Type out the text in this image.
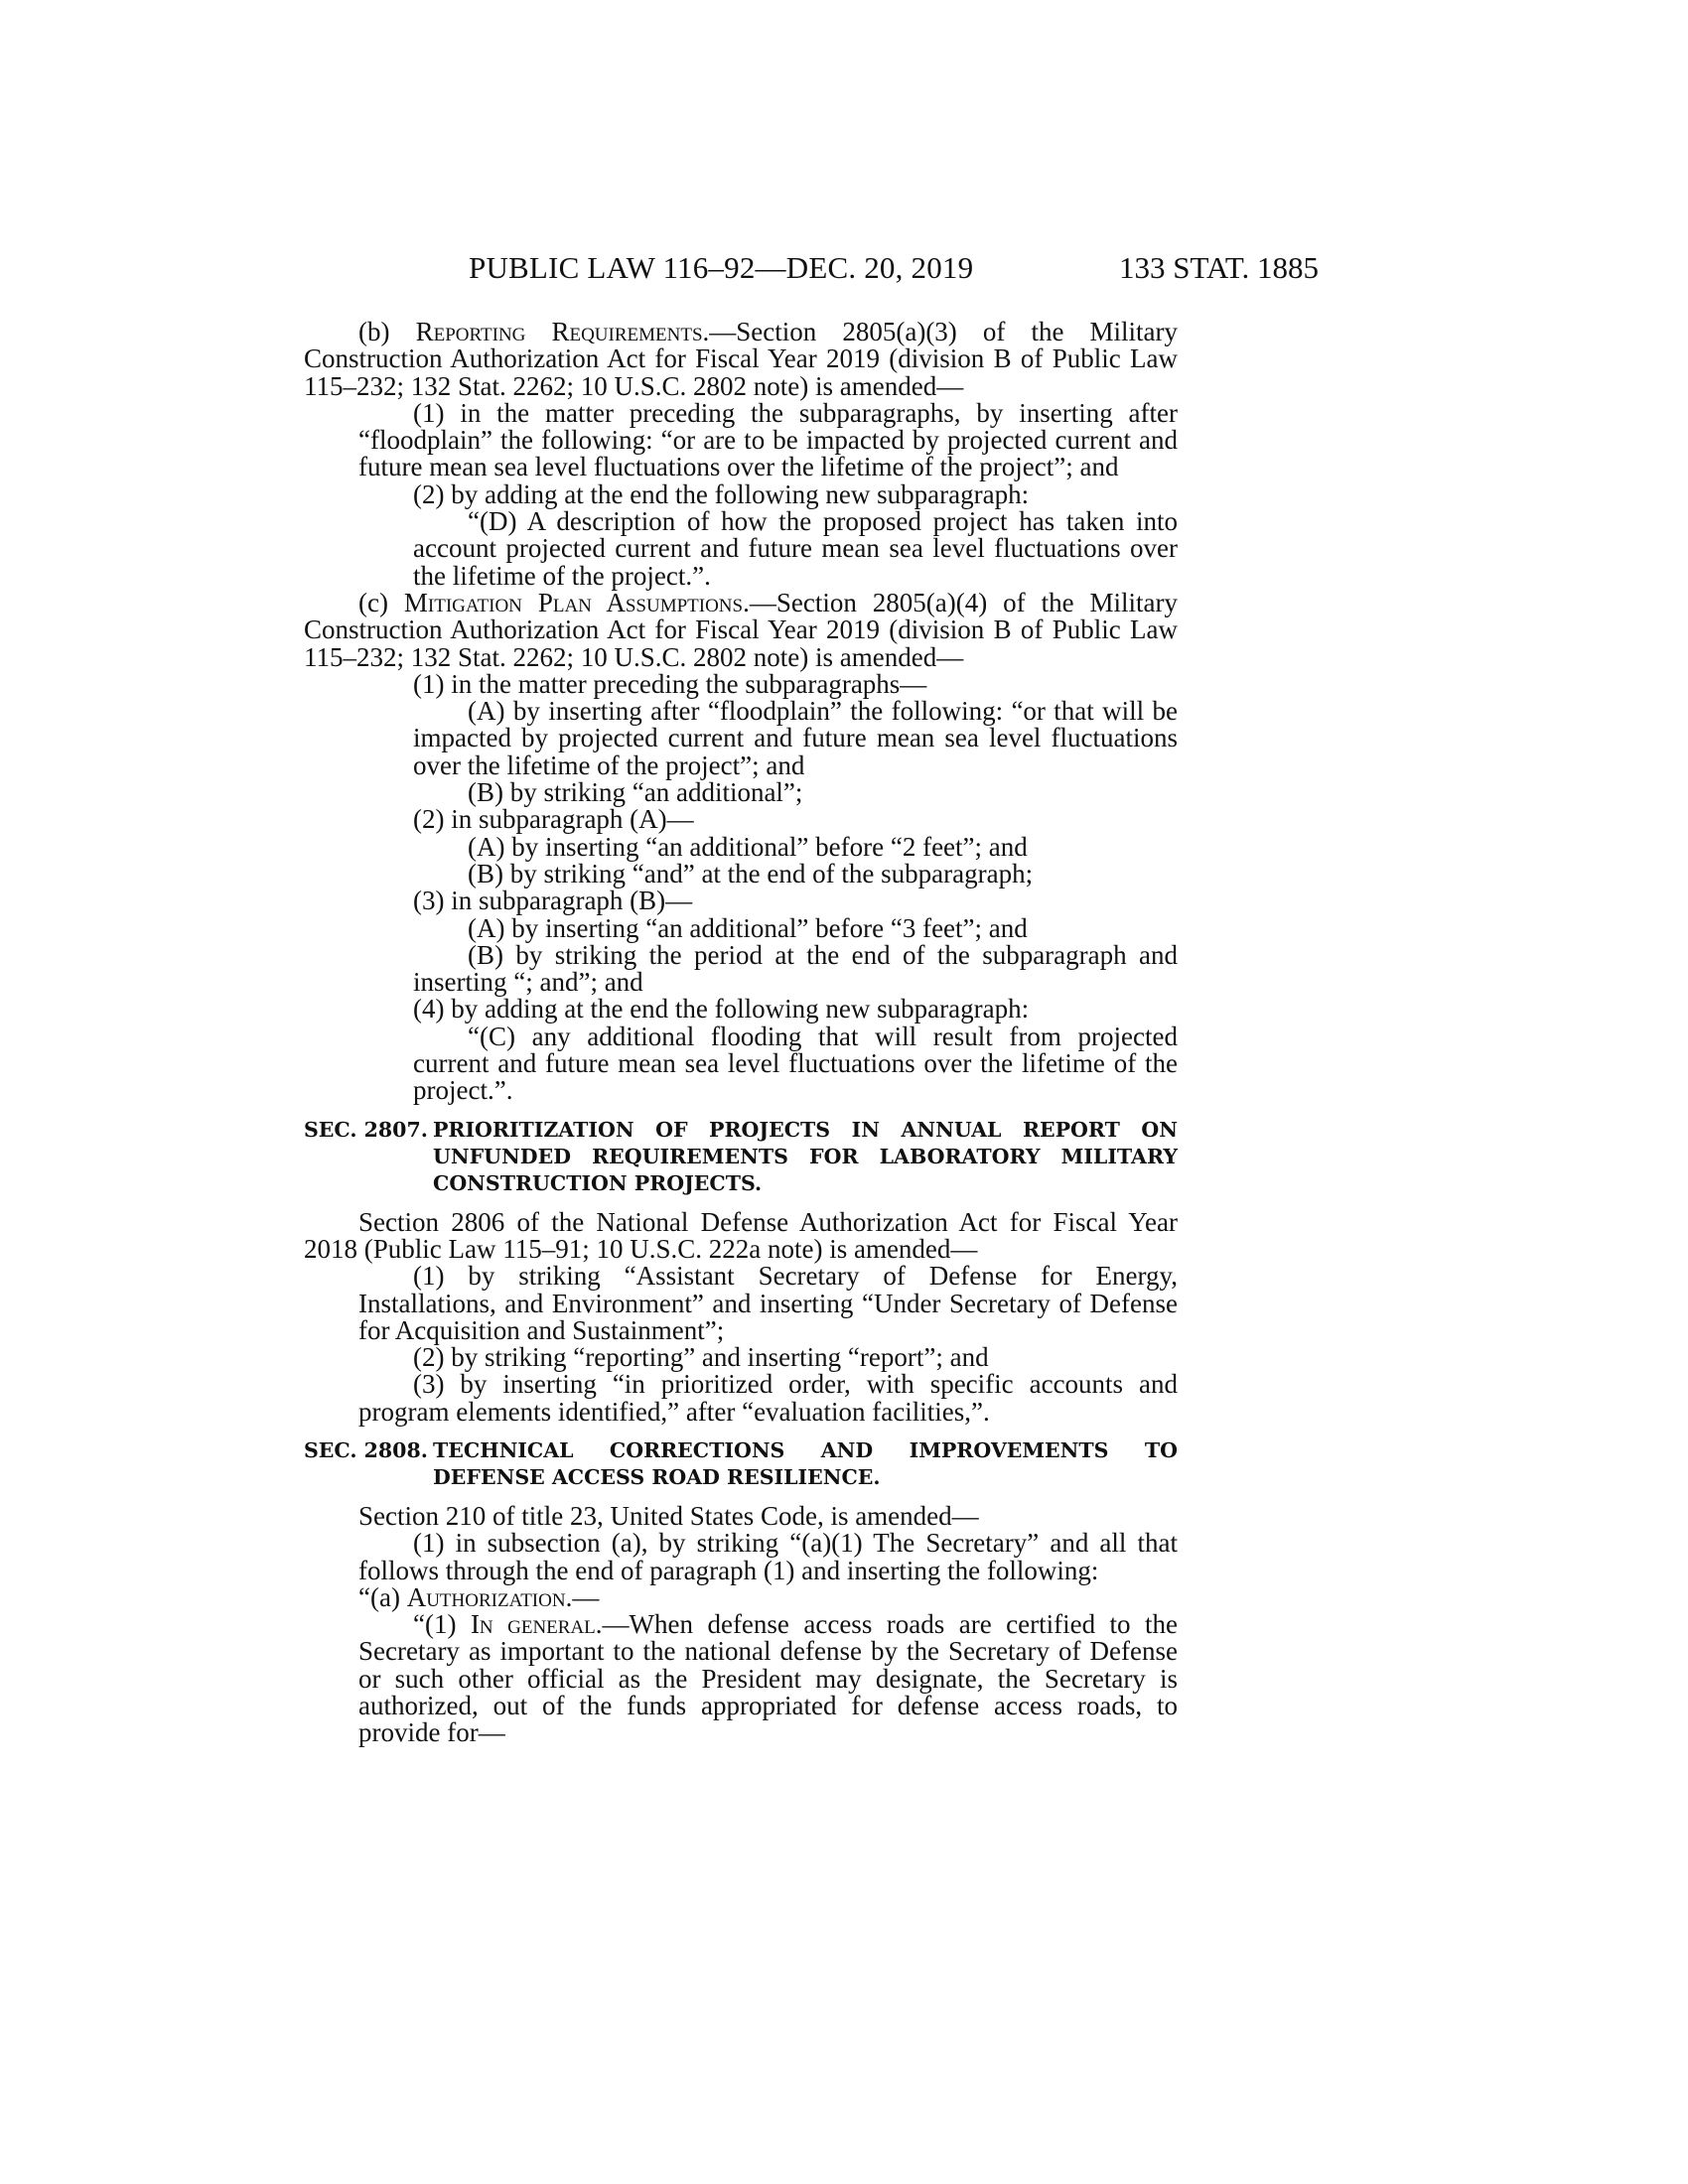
PUBLIC LAW 116–92—DEC. 20, 2019	133 STAT. 1885

(b) Reporting Requirements.—Section 2805(a)(3) of the Military Construction Authorization Act for Fiscal Year 2019 (division B of Public Law 115–232; 132 Stat. 2262; 10 U.S.C. 2802 note) is amended—

(1) in the matter preceding the subparagraphs, by inserting after “floodplain” the following: “or are to be impacted by projected current and future mean sea level fluctuations over the lifetime of the project”; and

(2) by adding at the end the following new subparagraph:

“(D) A description of how the proposed project has taken into account projected current and future mean sea level fluctuations over the lifetime of the project.”.

(c) Mitigation Plan Assumptions.—Section 2805(a)(4) of the Military Construction Authorization Act for Fiscal Year 2019 (division B of Public Law 115–232; 132 Stat. 2262; 10 U.S.C. 2802 note) is amended—

(1) in the matter preceding the subparagraphs—

(A) by inserting after “floodplain” the following: “or that will be impacted by projected current and future mean sea level fluctuations over the lifetime of the project”; and

(B) by striking “an additional”;

(2) in subparagraph (A)—

(A) by inserting “an additional” before “2 feet”; and

(B) by striking “and” at the end of the subparagraph;

(3) in subparagraph (B)—

(A) by inserting “an additional” before “3 feet”; and

(B) by striking the period at the end of the subparagraph and inserting “; and”; and

(4) by adding at the end the following new subparagraph:

“(C) any additional flooding that will result from projected current and future mean sea level fluctuations over the lifetime of the project.”.

SEC. 2807. PRIORITIZATION OF PROJECTS IN ANNUAL REPORT ON UNFUNDED REQUIREMENTS FOR LABORATORY MILITARY CONSTRUCTION PROJECTS.

Section 2806 of the National Defense Authorization Act for Fiscal Year 2018 (Public Law 115–91; 10 U.S.C. 222a note) is amended—

(1) by striking “Assistant Secretary of Defense for Energy, Installations, and Environment” and inserting “Under Secretary of Defense for Acquisition and Sustainment”;

(2) by striking “reporting” and inserting “report”; and

(3) by inserting “in prioritized order, with specific accounts and program elements identified,” after “evaluation facilities,”.

SEC. 2808. TECHNICAL CORRECTIONS AND IMPROVEMENTS TO DEFENSE ACCESS ROAD RESILIENCE.

Section 210 of title 23, United States Code, is amended—

(1) in subsection (a), by striking “(a)(1) The Secretary” and all that follows through the end of paragraph (1) and inserting the following:

“(a) Authorization.—

“(1) In general.—When defense access roads are certified to the Secretary as important to the national defense by the Secretary of Defense or such other official as the President may designate, the Secretary is authorized, out of the funds appropriated for defense access roads, to provide for—
